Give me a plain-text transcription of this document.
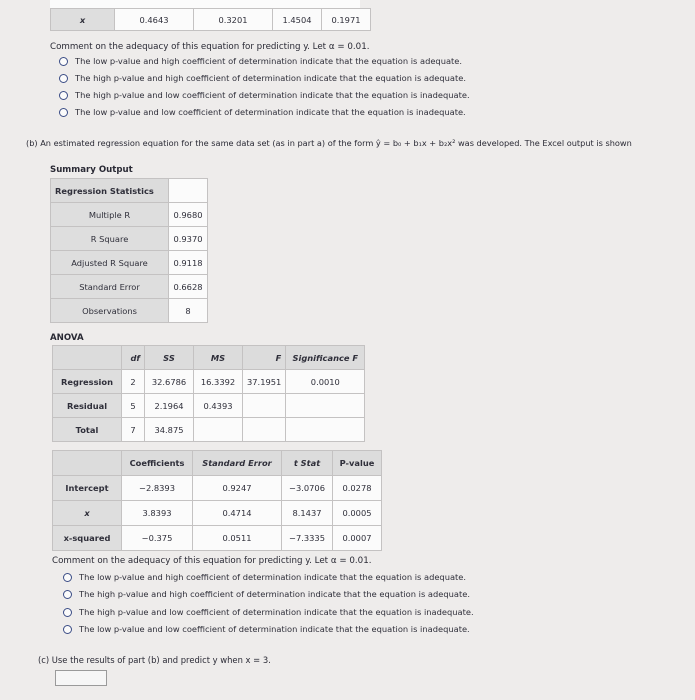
x	0.4643	0.3201	1.4504	0.1971
Comment on the adequacy of this equation for predicting y. Let α = 0.01.
The low p-value and high coefficient of determination indicate that the equation is adequate.
The high p-value and high coefficient of determination indicate that the equation is adequate.
The high p-value and low coefficient of determination indicate that the equation is inadequate.
The low p-value and low coefficient of determination indicate that the equation is inadequate.
(b) An estimated regression equation for the same data set (as in part a) of the form ŷ = b₀ + b₁x + b₂x² was developed. The Excel output is shown
Summary Output
Regression Statistics	
Multiple R	0.9680
R Square	0.9370
Adjusted R Square	0.9118
Standard Error	0.6628
Observations	8
ANOVA
	df	SS	MS	F	Significance F
Regression	2	32.6786	16.3392	37.1951	0.0010
Residual	5	2.1964	0.4393		
Total	7	34.875			
	Coefficients	Standard Error	t Stat	P-value
Intercept	−2.8393	0.9247	−3.0706	0.0278
x	3.8393	0.4714	8.1437	0.0005
x-squared	−0.375	0.0511	−7.3335	0.0007
Comment on the adequacy of this equation for predicting y. Let α = 0.01.
The low p-value and high coefficient of determination indicate that the equation is adequate.
The high p-value and high coefficient of determination indicate that the equation is adequate.
The high p-value and low coefficient of determination indicate that the equation is inadequate.
The low p-value and low coefficient of determination indicate that the equation is inadequate.
(c) Use the results of part (b) and predict y when x = 3.
